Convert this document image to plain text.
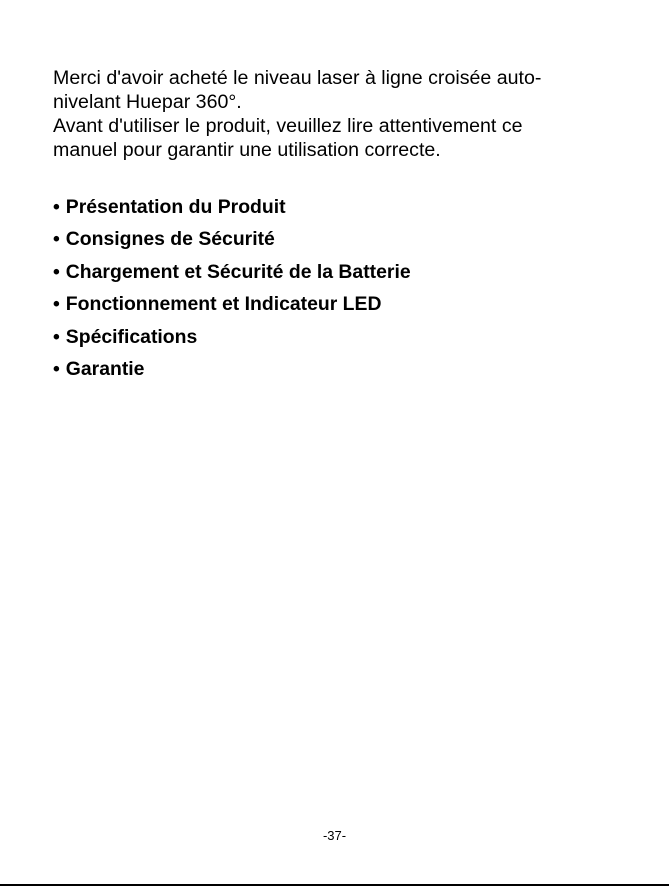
Merci d'avoir acheté le niveau laser à ligne croisée auto-

nivelant Huepar 360°.

Avant d'utiliser le produit, veuillez lire attentivement ce

manuel pour garantir une utilisation correcte.

• Présentation du Produit
• Consignes de Sécurité
• Chargement et Sécurité de la Batterie
• Fonctionnement et Indicateur LED
• Spécifications
• Garantie
-37-
